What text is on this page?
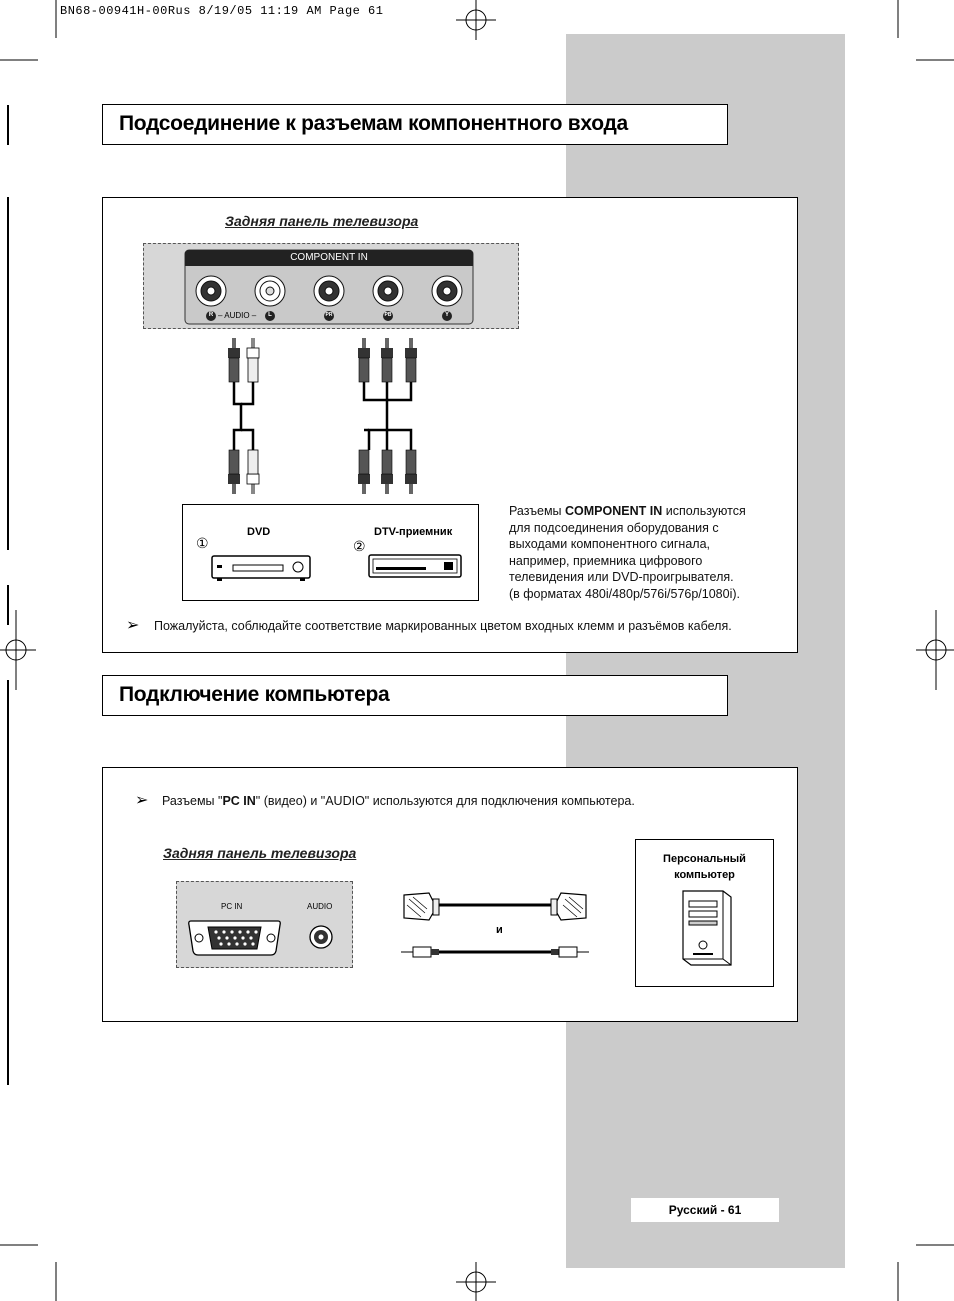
BN68-00941H-00Rus 8/19/05 11:19 AM Page 61
Подсоединение к разъемам компонентного входа
Задняя панель телевизора
COMPONENT IN
R – AUDIO –	L	PR	PB	Y
DVD
①
DTV-приемник
②
Разъемы COMPONENT IN используются
для подсоединения оборудования с
выходами компонентного сигнала,
например, приемника цифрового
телевидения или DVD-проигрывателя.
(в форматах 480i/480p/576i/576p/1080i).
➢ Пожалуйста, соблюдайте соответствие маркированных цветом входных клемм и разъёмов кабеля.
Подключение компьютера
➢ Разъемы "PC IN" (видео) и "AUDIO" используются для подключения компьютера.
Задняя панель телевизора
PC IN	AUDIO
и
Персональный
компьютер
Русский - 61
